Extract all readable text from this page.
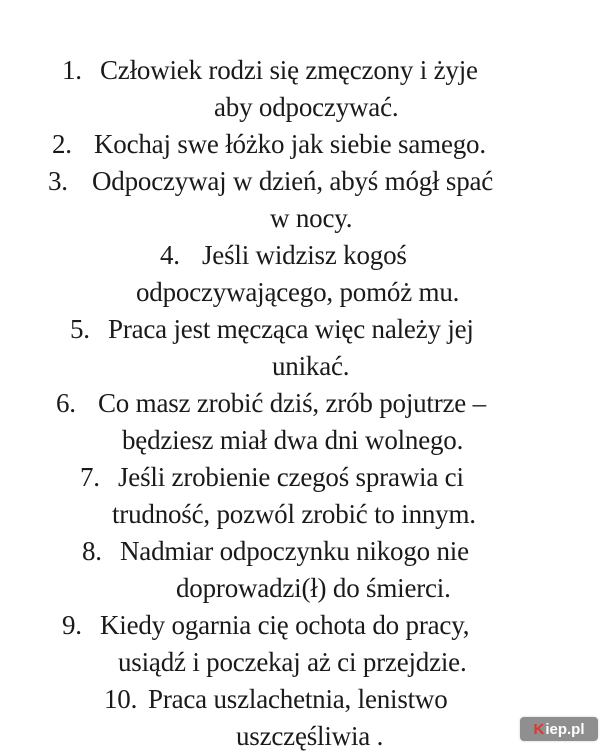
1. Człowiek rodzi się zmęczony i żyje
aby odpoczywać.
2. Kochaj swe łóżko jak siebie samego.
3. Odpoczywaj w dzień, abyś mógł spać
w nocy.
4. Jeśli widzisz kogoś
odpoczywającego, pomóż mu.
5. Praca jest męcząca więc należy jej
unikać.
6. Co masz zrobić dziś, zrób pojutrze –
będziesz miał dwa dni wolnego.
7. Jeśli zrobienie czegoś sprawia ci
trudność, pozwól zrobić to innym.
8. Nadmiar odpoczynku nikogo nie
doprowadzi(ł) do śmierci.
9. Kiedy ogarnia cię ochota do pracy,
usiądź i poczekaj aż ci przejdzie.
10. Praca uszlachetnia, lenistwo
uszczęśliwia .	K iep.pl
